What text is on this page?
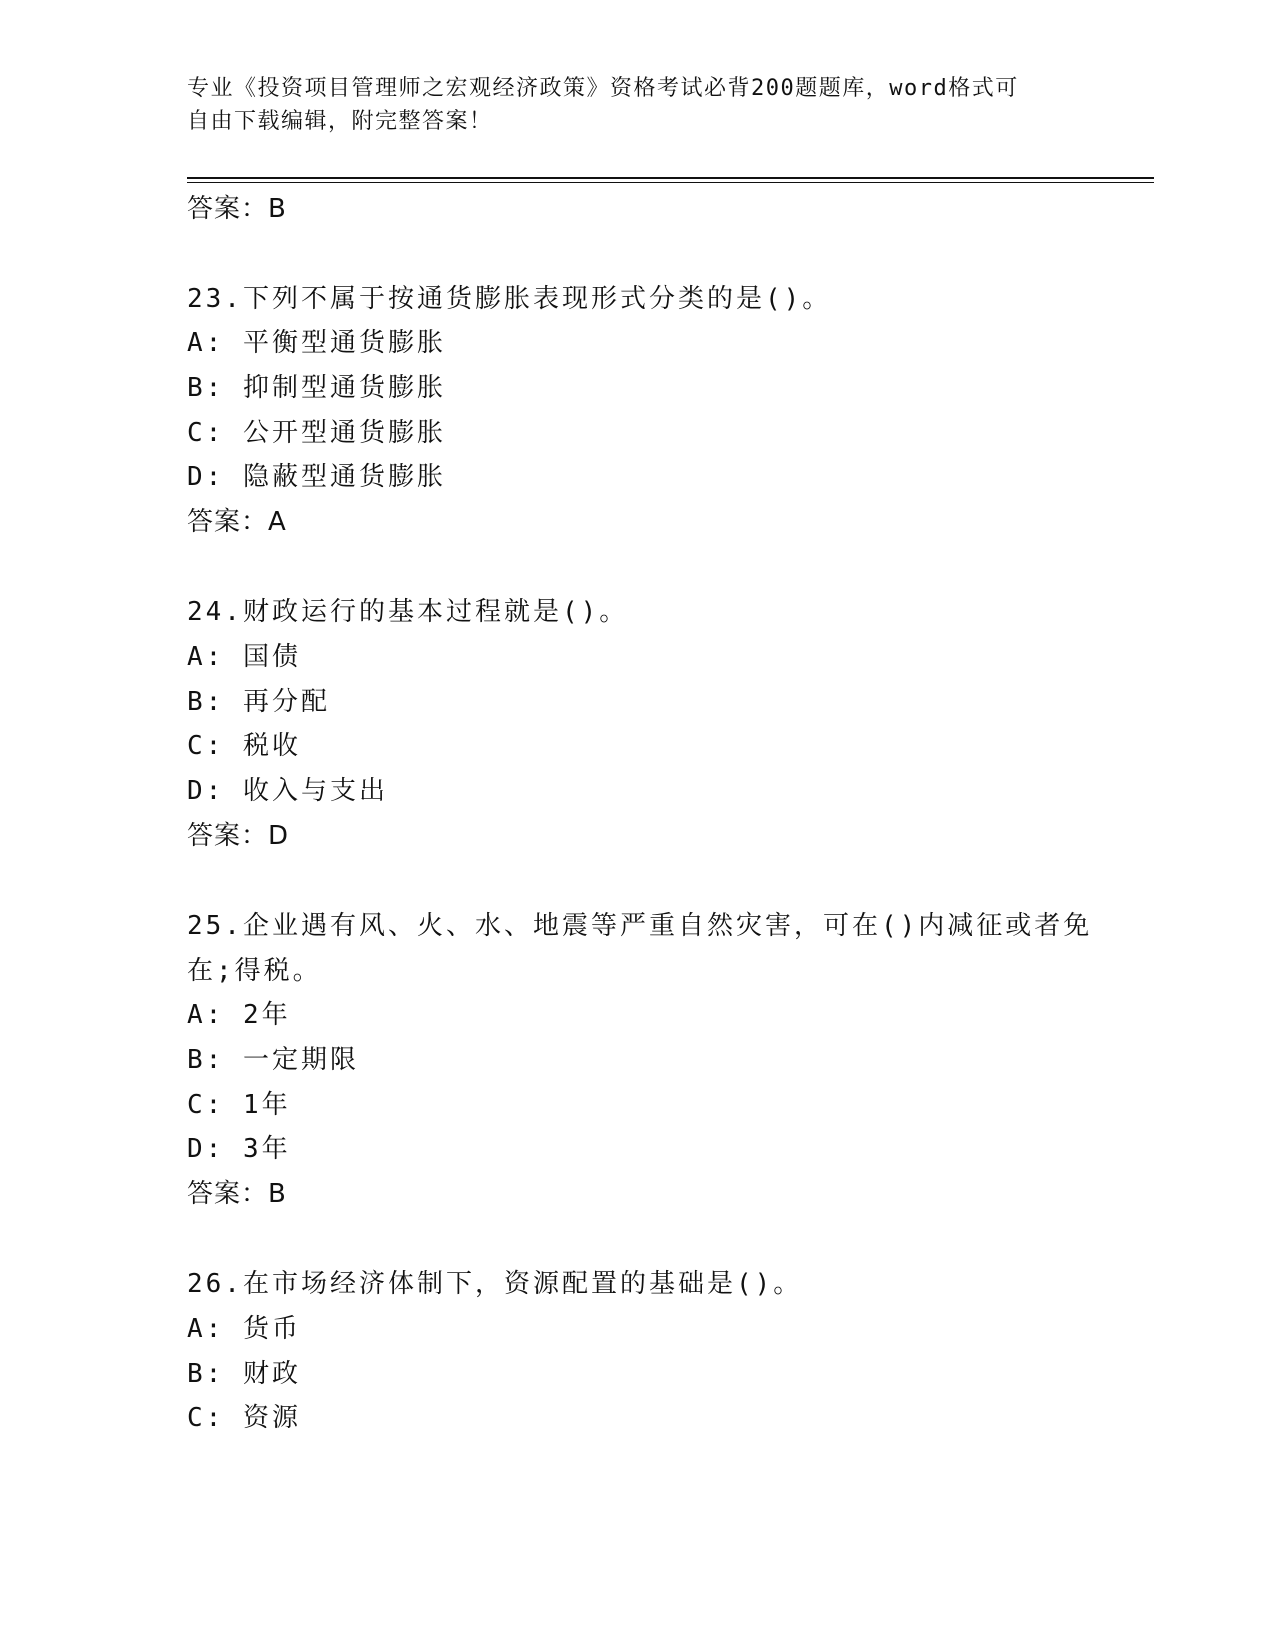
专业《投资项目管理师之宏观经济政策》资格考试必背200题题库，word格式可
自由下载编辑，附完整答案！
答案：B
23.下列不属于按通货膨胀表现形式分类的是()。
A: 平衡型通货膨胀
B: 抑制型通货膨胀
C: 公开型通货膨胀
D: 隐蔽型通货膨胀
答案：A
24.财政运行的基本过程就是()。
A: 国债
B: 再分配
C: 税收
D: 收入与支出
答案：D
25.企业遇有风、火、水、地震等严重自然灾害，可在()内减征或者免
在;得税。
A: 2年
B: 一定期限
C: 1年
D: 3年
答案：B
26.在市场经济体制下，资源配置的基础是()。
A: 货币
B: 财政
C: 资源
